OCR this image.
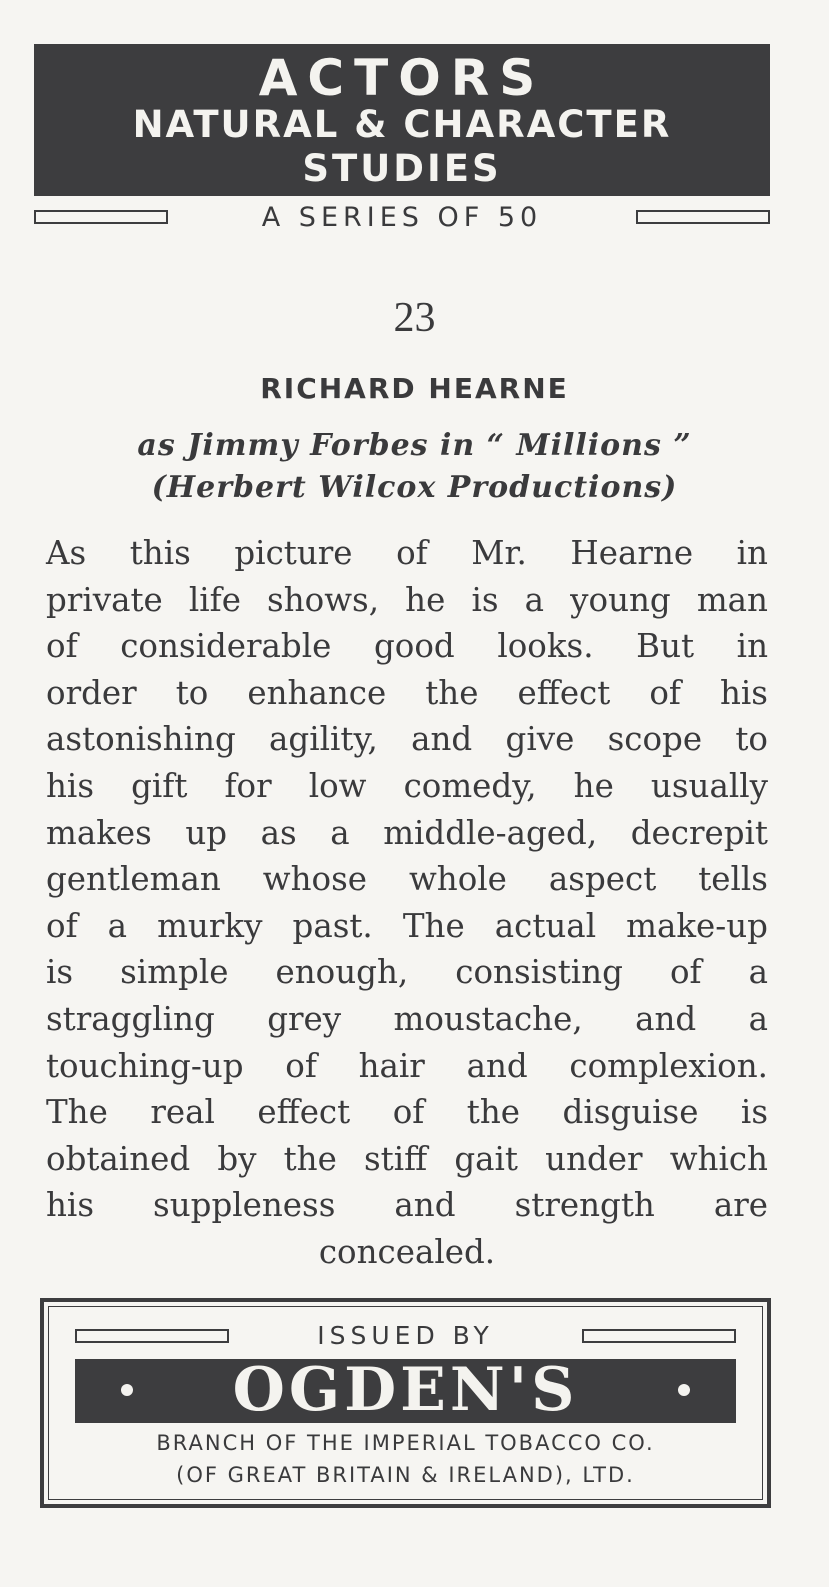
ACTORS
NATURAL & CHARACTER
STUDIES
A SERIES OF 50
23
RICHARD HEARNE
as Jimmy Forbes in “ Millions ”
(Herbert Wilcox Productions)
As this picture of Mr. Hearne in
private life shows, he is a young man
of considerable good looks. But in
order to enhance the effect of his
astonishing agility, and give scope to
his gift for low comedy, he usually
makes up as a middle-aged, decrepit
gentleman whose whole aspect tells
of a murky past. The actual make-up
is simple enough, consisting of a
straggling grey moustache, and a
touching-up of hair and complexion.
The real effect of the disguise is
obtained by the stiff gait under which
his suppleness and strength are
concealed.
ISSUED BY
OGDEN'S
BRANCH OF THE IMPERIAL TOBACCO CO.
(OF GREAT BRITAIN & IRELAND), LTD.
